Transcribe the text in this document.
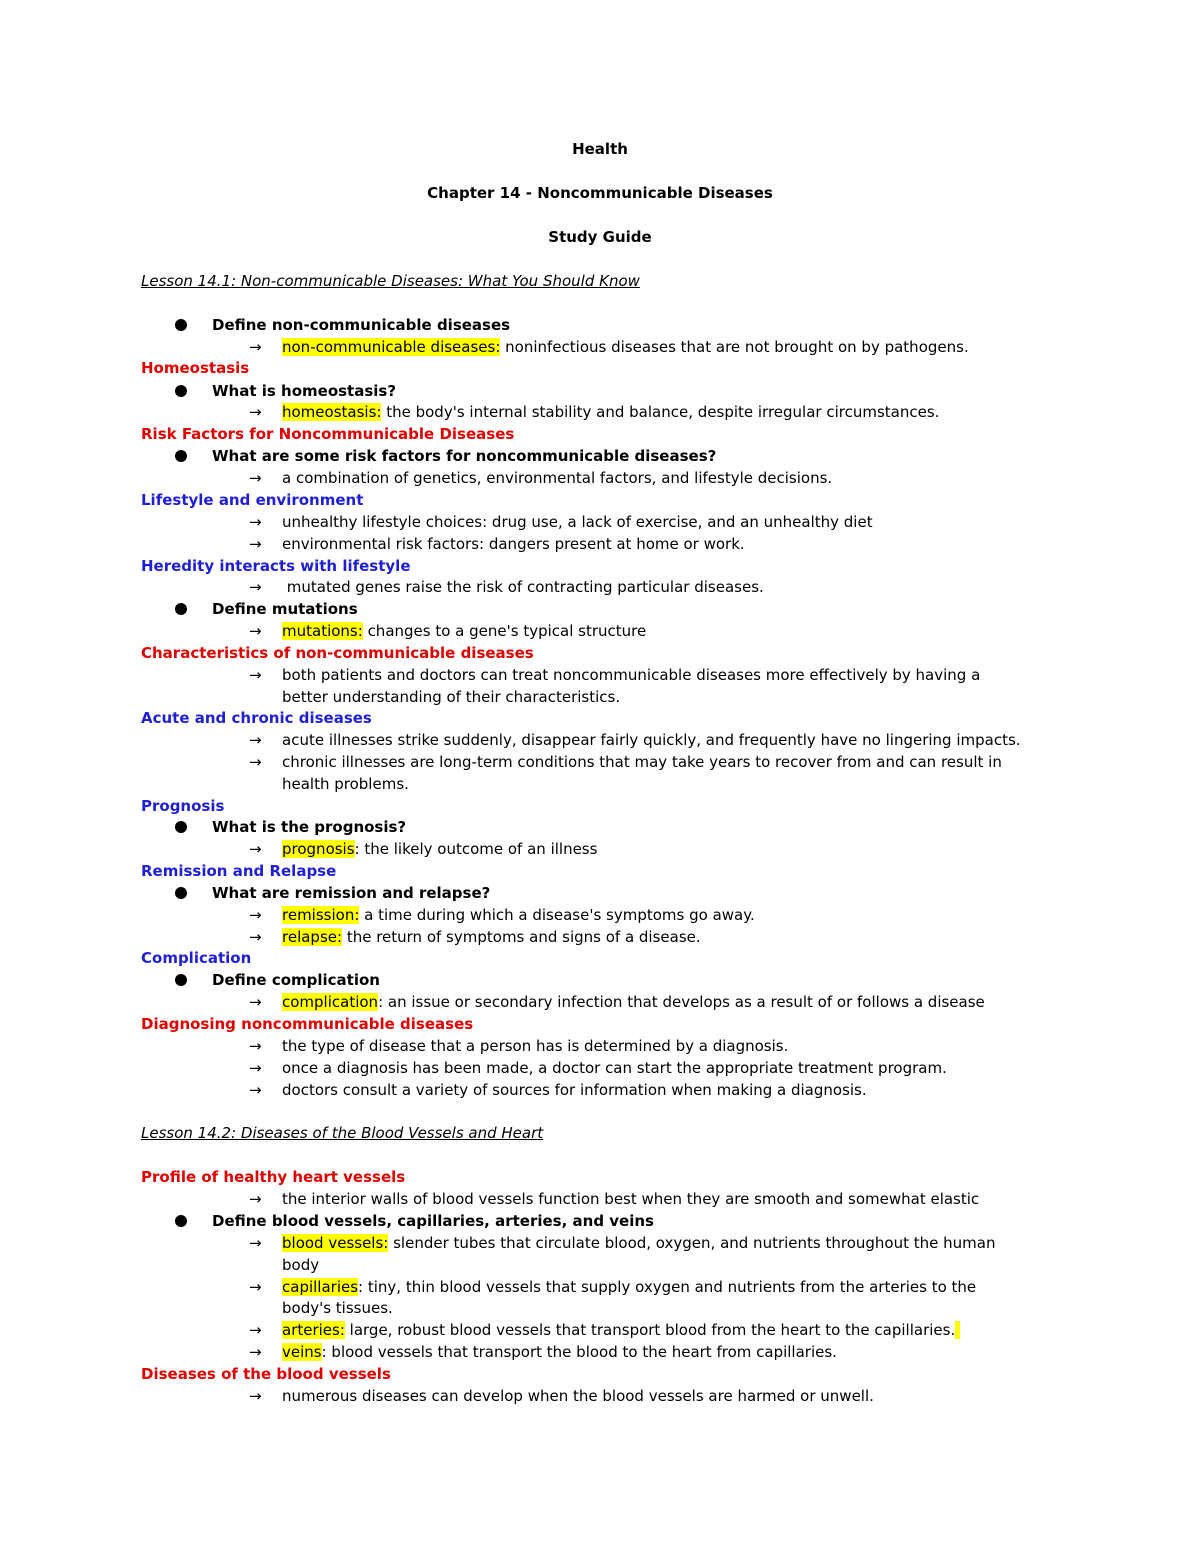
Health
Chapter 14 - Noncommunicable Diseases
Study Guide
Lesson 14.1: Non-communicable Diseases: What You Should Know
Define non-communicable diseases
→ non-communicable diseases: noninfectious diseases that are not brought on by pathogens.
Homeostasis
What is homeostasis?
→ homeostasis: the body's internal stability and balance, despite irregular circumstances.
Risk Factors for Noncommunicable Diseases
What are some risk factors for noncommunicable diseases?
→ a combination of genetics, environmental factors, and lifestyle decisions.
Lifestyle and environment
→ unhealthy lifestyle choices: drug use, a lack of exercise, and an unhealthy diet
→ environmental risk factors: dangers present at home or work.
Heredity interacts with lifestyle
→ mutated genes raise the risk of contracting particular diseases.
Define mutations
→ mutations: changes to a gene's typical structure
Characteristics of non-communicable diseases
→ both patients and doctors can treat noncommunicable diseases more effectively by having a
better understanding of their characteristics.
Acute and chronic diseases
→ acute illnesses strike suddenly, disappear fairly quickly, and frequently have no lingering impacts.
→ chronic illnesses are long-term conditions that may take years to recover from and can result in
health problems.
Prognosis
What is the prognosis?
→ prognosis: the likely outcome of an illness
Remission and Relapse
What are remission and relapse?
→ remission: a time during which a disease's symptoms go away.
→ relapse: the return of symptoms and signs of a disease.
Complication
Define complication
→ complication: an issue or secondary infection that develops as a result of or follows a disease
Diagnosing noncommunicable diseases
→ the type of disease that a person has is determined by a diagnosis.
→ once a diagnosis has been made, a doctor can start the appropriate treatment program.
→ doctors consult a variety of sources for information when making a diagnosis.
Lesson 14.2: Diseases of the Blood Vessels and Heart
Profile of healthy heart vessels
→ the interior walls of blood vessels function best when they are smooth and somewhat elastic
Define blood vessels, capillaries, arteries, and veins
→ blood vessels: slender tubes that circulate blood, oxygen, and nutrients throughout the human
body
→ capillaries: tiny, thin blood vessels that supply oxygen and nutrients from the arteries to the
body's tissues.
→ arteries: large, robust blood vessels that transport blood from the heart to the capillaries.
→ veins: blood vessels that transport the blood to the heart from capillaries.
Diseases of the blood vessels
→ numerous diseases can develop when the blood vessels are harmed or unwell.
